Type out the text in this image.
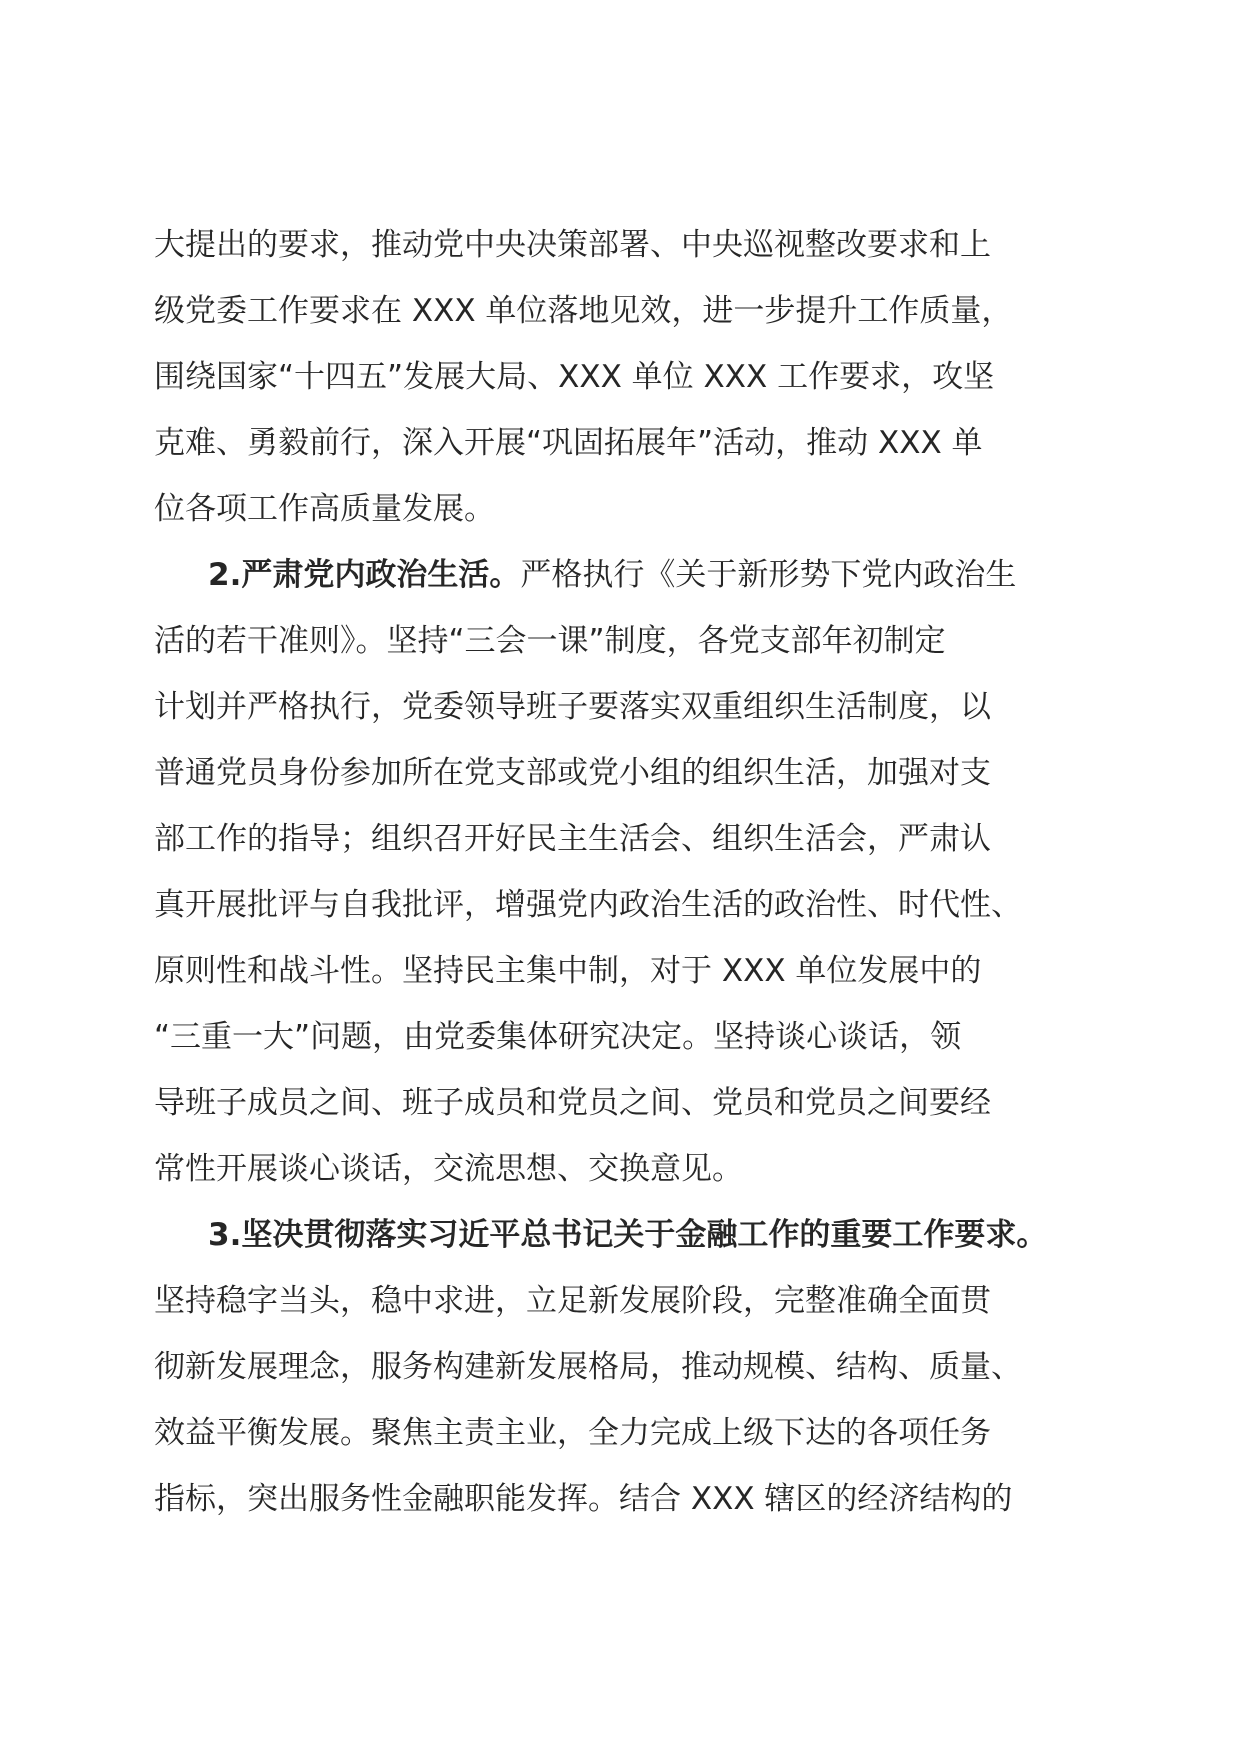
大提出的要求，推动党中央决策部署、中央巡视整改要求和上

级党委工作要求在 XXX 单位落地见效，进一步提升工作质量，

围绕国家“十四五”发展大局、XXX 单位 XXX 工作要求，攻坚

克难、勇毅前行，深入开展“巩固拓展年”活动，推动 XXX 单

位各项工作高质量发展。

2.严肃党内政治生活。严格执行《关于新形势下党内政治生

活的若干准则》。坚持“三会一课”制度，各党支部年初制定

计划并严格执行，党委领导班子要落实双重组织生活制度，以

普通党员身份参加所在党支部或党小组的组织生活，加强对支

部工作的指导；组织召开好民主生活会、组织生活会，严肃认

真开展批评与自我批评，增强党内政治生活的政治性、时代性、

原则性和战斗性。坚持民主集中制，对于 XXX 单位发展中的

“三重一大”问题，由党委集体研究决定。坚持谈心谈话，领

导班子成员之间、班子成员和党员之间、党员和党员之间要经

常性开展谈心谈话，交流思想、交换意见。

3.坚决贯彻落实习近平总书记关于金融工作的重要工作要求。

坚持稳字当头，稳中求进，立足新发展阶段，完整准确全面贯

彻新发展理念，服务构建新发展格局，推动规模、结构、质量、

效益平衡发展。聚焦主责主业，全力完成上级下达的各项任务

指标，突出服务性金融职能发挥。结合 XXX 辖区的经济结构的
